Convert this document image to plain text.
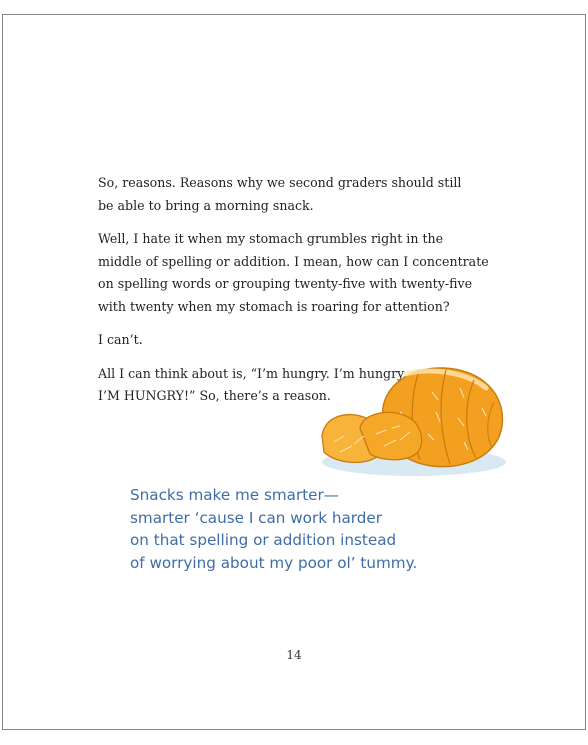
So, reasons. Reasons why we second graders should still
be able to bring a morning snack.

Well, I hate it when my stomach grumbles right in the
middle of spelling or addition. I mean, how can I concentrate
on spelling words or grouping twenty-five with twenty-five
with twenty when my stomach is roaring for attention?

I can’t.

All I can think about is, “I’m hungry. I’m hungry.
I’M HUNGRY!” So, there’s a reason.

Snacks make me smarter—
smarter ‘cause I can work harder
on that spelling or addition instead
of worrying about my poor ol’ tummy.
14
